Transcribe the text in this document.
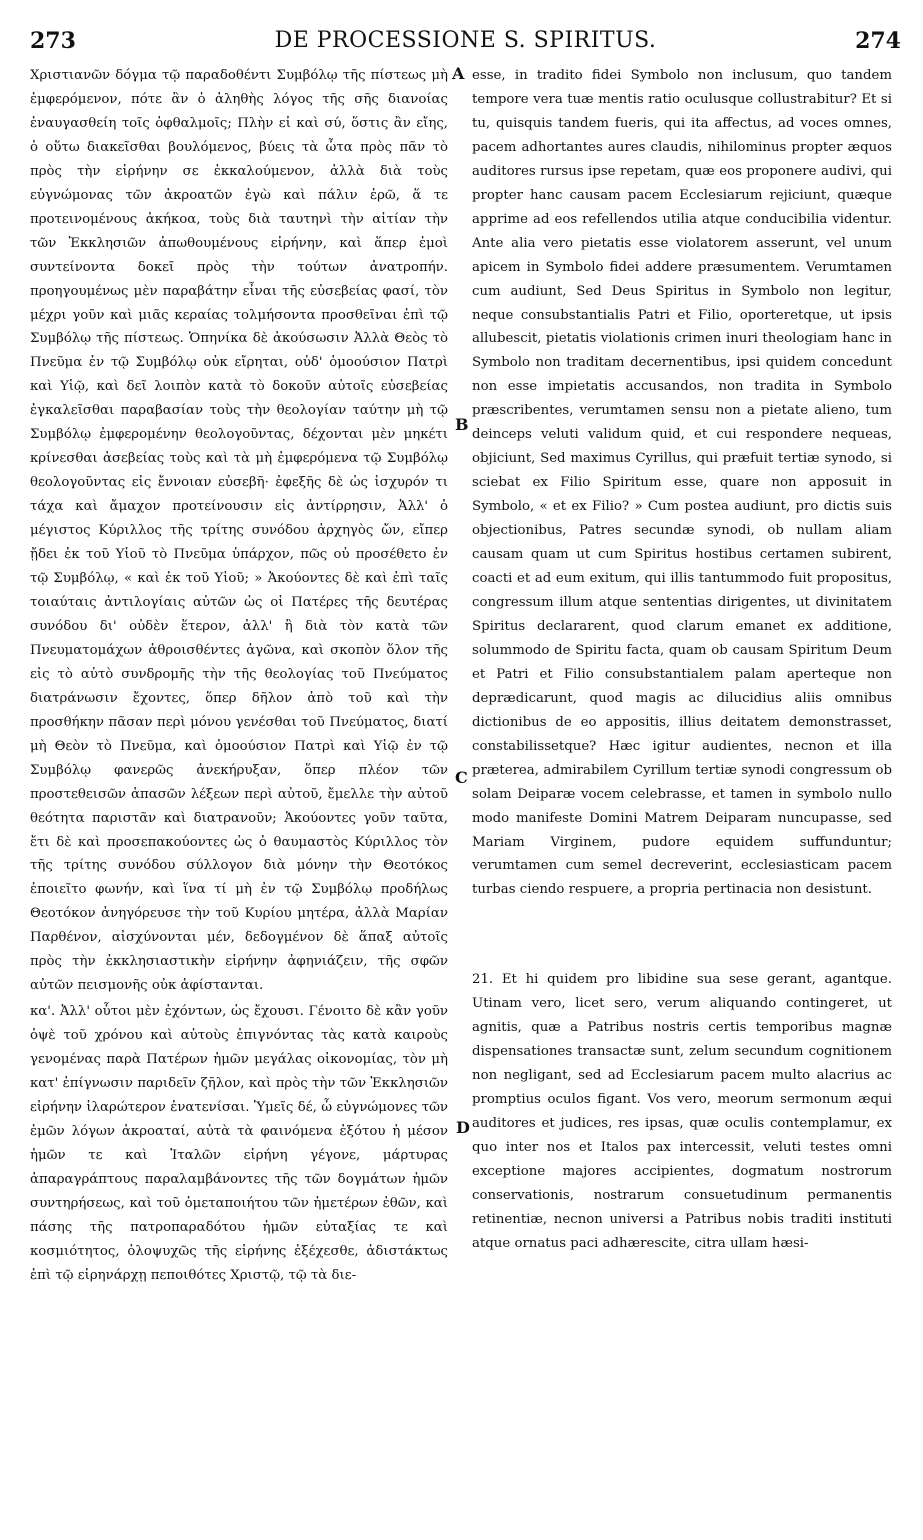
273	DE PROCESSIONE S. SPIRITUS.	274

Χριστιανῶν δόγμα τῷ παραδοθέντι Συμβόλῳ τῆς πίστεως μὴ ἐμφερόμενον, πότε ἂν ὁ ἀληθὴς λόγος τῆς σῆς διανοίας ἐναυγασθείη τοῖς ὀφθαλμοῖς; Πλὴν εἰ καὶ σύ, ὅστις ἂν εἴης, ὁ οὕτω διακεῖσθαι βουλόμενος, βύεις τὰ ὦτα πρὸς πᾶν τὸ πρὸς τὴν εἰρήνην σε ἐκκαλούμενον, ἀλλὰ διὰ τοὺς εὐγνώμονας τῶν ἀκροατῶν ἐγὼ καὶ πάλιν ἐρῶ, ἅ τε προτεινομένους ἀκήκοα, τοὺς διὰ ταυτηνὶ τὴν αἰτίαν τὴν τῶν Ἐκκλησιῶν ἀπωθουμένους εἰρήνην, καὶ ἅπερ ἐμοὶ συντείνοντα δοκεῖ πρὸς τὴν τούτων ἀνατροπήν. προηγουμένως μὲν παραβάτην εἶναι τῆς εὐσεβείας φασί, τὸν μέχρι γοῦν καὶ μιᾶς κεραίας τολμήσοντα προσθεῖναι ἐπὶ τῷ Συμβόλῳ τῆς πίστεως. Ὁπηνίκα δὲ ἀκούσωσιν Ἀλλὰ Θεὸς τὸ Πνεῦμα ἐν τῷ Συμβόλῳ οὐκ εἴρηται, οὐδ' ὁμοούσιον Πατρὶ καὶ Υἱῷ, καὶ δεῖ λοιπὸν κατὰ τὸ δοκοῦν αὐτοῖς εὐσεβείας ἐγκαλεῖσθαι παραβασίαν τοὺς τὴν θεολογίαν ταύτην μὴ τῷ Συμβόλῳ ἐμφερομένην θεολογοῦντας, δέχονται μὲν μηκέτι κρίνεσθαι ἀσεβείας τοὺς καὶ τὰ μὴ ἐμφερόμενα τῷ Συμβόλῳ θεολογοῦντας εἰς ἔννοιαν εὐσεβῆ· ἐφεξῆς δὲ ὡς ἰσχυρόν τι τάχα καὶ ἄμαχον προτείνουσιν εἰς ἀντίρρησιν, Ἀλλ' ὁ μέγιστος Κύριλλος τῆς τρίτης συνόδου ἀρχηγὸς ὤν, εἴπερ ᾔδει ἐκ τοῦ Υἱοῦ τὸ Πνεῦμα ὑπάρχον, πῶς οὐ προσέθετο ἐν τῷ Συμβόλῳ, « καὶ ἐκ τοῦ Υἱοῦ; » Ἀκούοντες δὲ καὶ ἐπὶ ταῖς τοιαύταις ἀντιλογίαις αὐτῶν ὡς οἱ Πατέρες τῆς δευτέρας συνόδου δι' οὐδὲν ἕτερον, ἀλλ' ἢ διὰ τὸν κατὰ τῶν Πνευματομάχων ἀθροισθέντες ἀγῶνα, καὶ σκοπὸν ὅλον τῆς εἰς τὸ αὐτὸ συνδρομῆς τὴν τῆς θεολογίας τοῦ Πνεύματος διατράνωσιν ἔχοντες, ὅπερ δῆλον ἀπὸ τοῦ καὶ τὴν προσθήκην πᾶσαν περὶ μόνου γενέσθαι τοῦ Πνεύματος, διατί μὴ Θεὸν τὸ Πνεῦμα, καὶ ὁμοούσιον Πατρὶ καὶ Υἱῷ ἐν τῷ Συμβόλῳ φανερῶς ἀνεκήρυξαν, ὅπερ πλέον τῶν προστεθεισῶν ἁπασῶν λέξεων περὶ αὐτοῦ, ἔμελλε τὴν αὐτοῦ θεότητα παριστᾶν καὶ διατρανοῦν; Ἀκούοντες γοῦν ταῦτα, ἔτι δὲ καὶ προσεπακούοντες ὡς ὁ θαυμαστὸς Κύριλλος τὸν τῆς τρίτης συνόδου σύλλογον διὰ μόνην τὴν Θεοτόκος ἐποιεῖτο φωνήν, καὶ ἵνα τί μὴ ἐν τῷ Συμβόλῳ προδήλως Θεοτόκον ἀνηγόρευσε τὴν τοῦ Κυρίου μητέρα, ἀλλὰ Μαρίαν Παρθένον, αἰσχύνονται μέν, δεδογμένον δὲ ἅπαξ αὐτοῖς πρὸς τὴν ἐκκλησιαστικὴν εἰρήνην ἀφηνιάζειν, τῆς σφῶν αὐτῶν πεισμονῆς οὐκ ἀφίστανται.

κα'. Ἀλλ' οὗτοι μὲν ἐχόντων, ὡς ἔχουσι. Γένοιτο δὲ κἂν γοῦν ὀψὲ τοῦ χρόνου καὶ αὐτοὺς ἐπιγνόντας τὰς κατὰ καιροὺς γενομένας παρὰ Πατέρων ἡμῶν μεγάλας οἰκονομίας, τὸν μὴ κατ' ἐπίγνωσιν παριδεῖν ζῆλον, καὶ πρὸς τὴν τῶν Ἐκκλησιῶν εἰρήνην ἱλαρώτερον ἐνατενίσαι. Ὑμεῖς δέ, ὦ εὐγνώμονες τῶν ἐμῶν λόγων ἀκροαταί, αὐτὰ τὰ φαινόμενα ἐξότου ἡ μέσον ἡμῶν τε καὶ Ἰταλῶν εἰρήνη γέγονε, μάρτυρας ἀπαραγράπτους παραλαμβάνοντες τῆς τῶν δογμάτων ἡμῶν συντηρήσεως, καὶ τοῦ ὁμεταποιήτου τῶν ἡμετέρων ἐθῶν, καὶ πάσης τῆς πατροπαραδότου ἡμῶν εὐταξίας τε καὶ κοσμιότητος, ὁλοψυχῶς τῆς εἰρήνης ἐξέχεσθε, ἀδιστάκτως ἐπὶ τῷ εἰρηνάρχῃ πεποιθότες Χριστῷ, τῷ τὰ διε-

A
B
C
D

esse, in tradito fidei Symbolo non inclusum, quo tandem tempore vera tuæ mentis ratio oculusque collustrabitur? Et si tu, quisquis tandem fueris, qui ita affectus, ad voces omnes, pacem adhortantes aures claudis, nihilominus propter æquos auditores rursus ipse repetam, quæ eos proponere audivi, qui propter hanc causam pacem Ecclesiarum rejiciunt, quæque apprime ad eos refellendos utilia atque conducibilia videntur. Ante alia vero pietatis esse violatorem asserunt, vel unum apicem in Symbolo fidei addere præsumentem. Verumtamen cum audiunt, Sed Deus Spiritus in Symbolo non legitur, neque consubstantialis Patri et Filio, oporteretque, ut ipsis allubescit, pietatis violationis crimen inuri theologiam hanc in Symbolo non traditam decernentibus, ipsi quidem concedunt non esse impietatis accusandos, non tradita in Symbolo præscribentes, verumtamen sensu non a pietate alieno, tum deinceps veluti validum quid, et cui respondere nequeas, objiciunt, Sed maximus Cyrillus, qui præfuit tertiæ synodo, si sciebat ex Filio Spiritum esse, quare non apposuit in Symbolo, « et ex Filio? » Cum postea audiunt, pro dictis suis objectionibus, Patres secundæ synodi, ob nullam aliam causam quam ut cum Spiritus hostibus certamen subirent, coacti et ad eum exitum, qui illis tantummodo fuit propositus, congressum illum atque sententias dirigentes, ut divinitatem Spiritus declararent, quod clarum emanet ex additione, solummodo de Spiritu facta, quam ob causam Spiritum Deum et Patri et Filio consubstantialem palam aperteque non deprædicarunt, quod magis ac dilucidius aliis omnibus dictionibus de eo appositis, illius deitatem demonstrasset, constabilissetque? Hæc igitur audientes, necnon et illa præterea, admirabilem Cyrillum tertiæ synodi congressum ob solam Deiparæ vocem celebrasse, et tamen in symbolo nullo modo manifeste Domini Matrem Deiparam nuncupasse, sed Mariam Virginem, pudore equidem suffunduntur; verumtamen cum semel decreverint, ecclesiasticam pacem turbas ciendo respuere, a propria pertinacia non desistunt.

21. Et hi quidem pro libidine sua sese gerant, agantque. Utinam vero, licet sero, verum aliquando contingeret, ut agnitis, quæ a Patribus nostris certis temporibus magnæ dispensationes transactæ sunt, zelum secundum cognitionem non negligant, sed ad Ecclesiarum pacem multo alacrius ac promptius oculos figant. Vos vero, meorum sermonum æqui auditores et judices, res ipsas, quæ oculis contemplamur, ex quo inter nos et Italos pax intercessit, veluti testes omni exceptione majores accipientes, dogmatum nostrorum conservationis, nostrarum consuetudinum permanentis retinentiæ, necnon universi a Patribus nobis traditi instituti atque ornatus paci adhærescite, citra ullam hæsi-
